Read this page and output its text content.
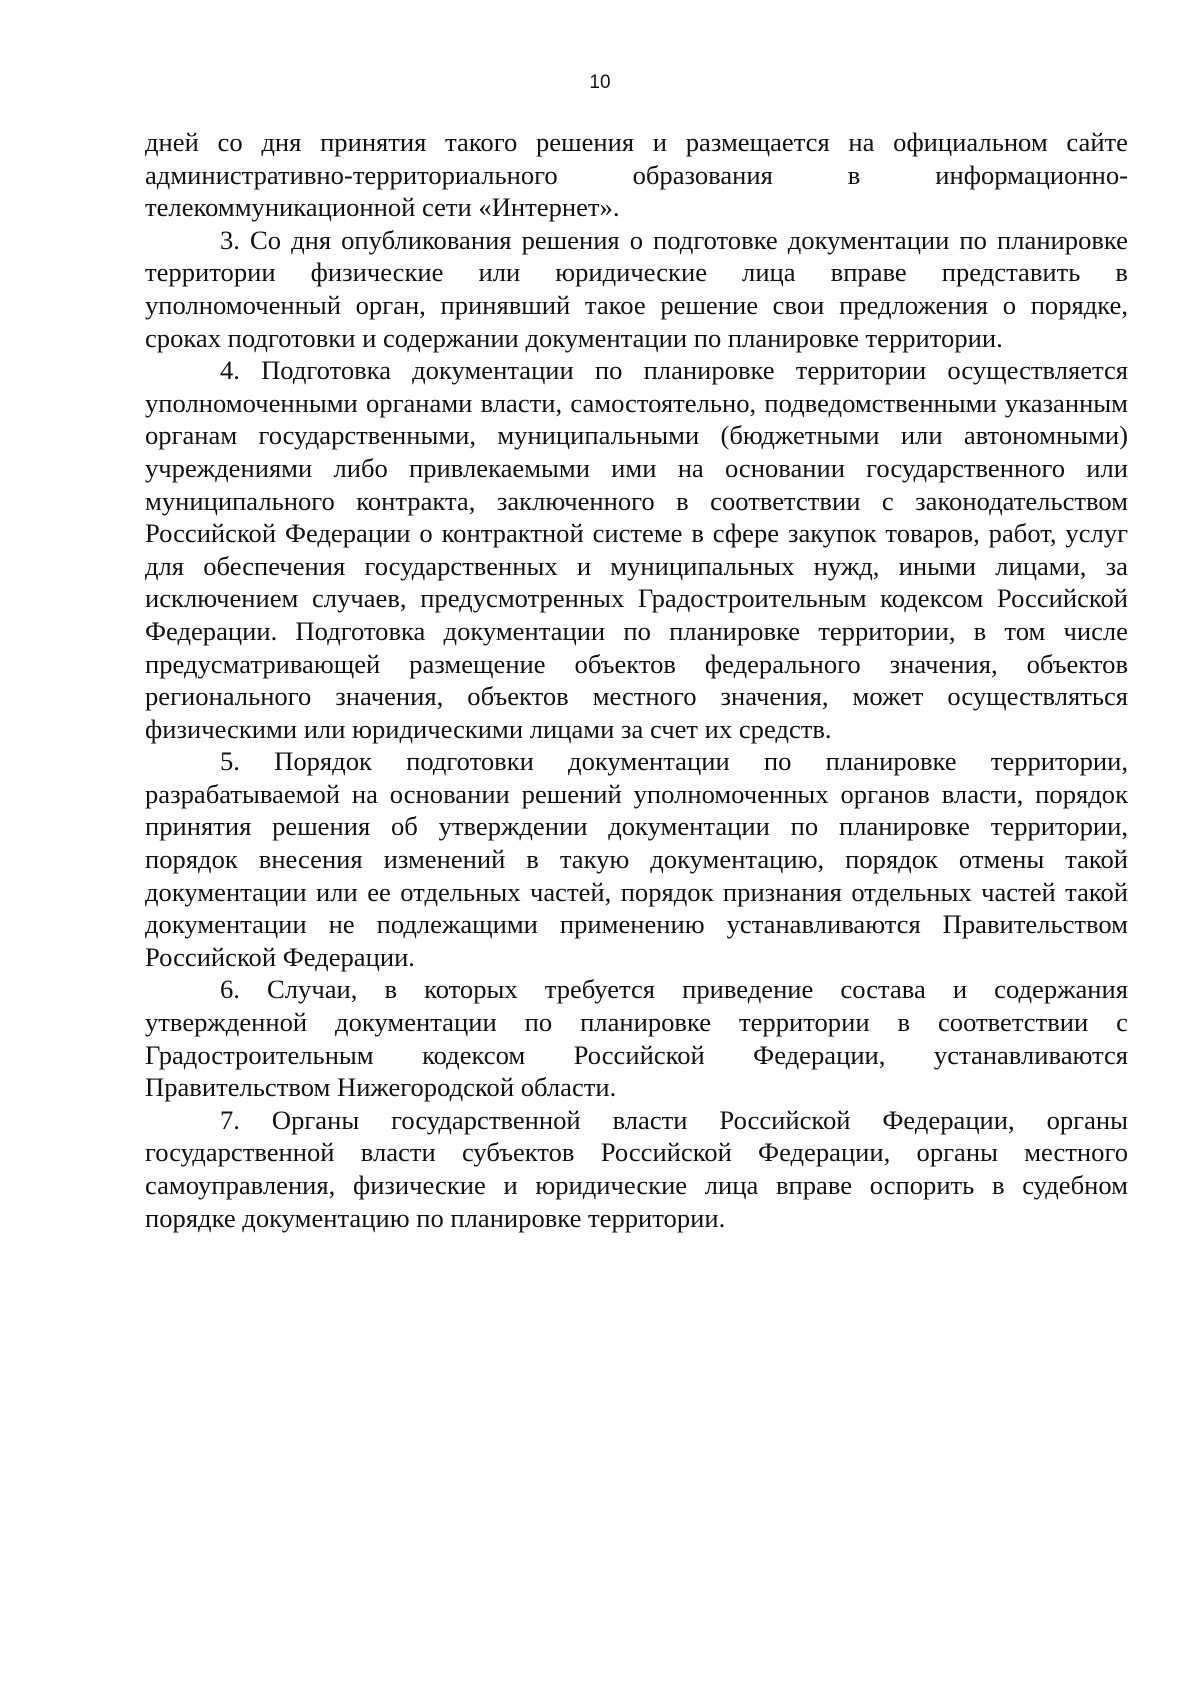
10

дней со дня принятия такого решения и размещается на официальном сайте административно-территориального образования в информационно-телекоммуникационной сети «Интернет».

3. Со дня опубликования решения о подготовке документации по планировке территории физические или юридические лица вправе представить в уполномоченный орган, принявший такое решение свои предложения о порядке, сроках подготовки и содержании документации по планировке территории.

4. Подготовка документации по планировке территории осуществляется уполномоченными органами власти, самостоятельно, подведомственными указанным органам государственными, муниципальными (бюджетными или автономными) учреждениями либо привлекаемыми ими на основании государственного или муниципального контракта, заключенного в соответствии с законодательством Российской Федерации о контрактной системе в сфере закупок товаров, работ, услуг для обеспечения государственных и муниципальных нужд, иными лицами, за исключением случаев, предусмотренных Градостроительным кодексом Российской Федерации. Подготовка документации по планировке территории, в том числе предусматривающей размещение объектов федерального значения, объектов регионального значения, объектов местного значения, может осуществляться физическими или юридическими лицами за счет их средств.

5. Порядок подготовки документации по планировке территории, разрабатываемой на основании решений уполномоченных органов власти, порядок принятия решения об утверждении документации по планировке территории, порядок внесения изменений в такую документацию, порядок отмены такой документации или ее отдельных частей, порядок признания отдельных частей такой документации не подлежащими применению устанавливаются Правительством Российской Федерации.

6. Случаи, в которых требуется приведение состава и содержания утвержденной документации по планировке территории в соответствии с Градостроительным кодексом Российской Федерации, устанавливаются Правительством Нижегородской области.

7. Органы государственной власти Российской Федерации, органы государственной власти субъектов Российской Федерации, органы местного самоуправления, физические и юридические лица вправе оспорить в судебном порядке документацию по планировке территории.
